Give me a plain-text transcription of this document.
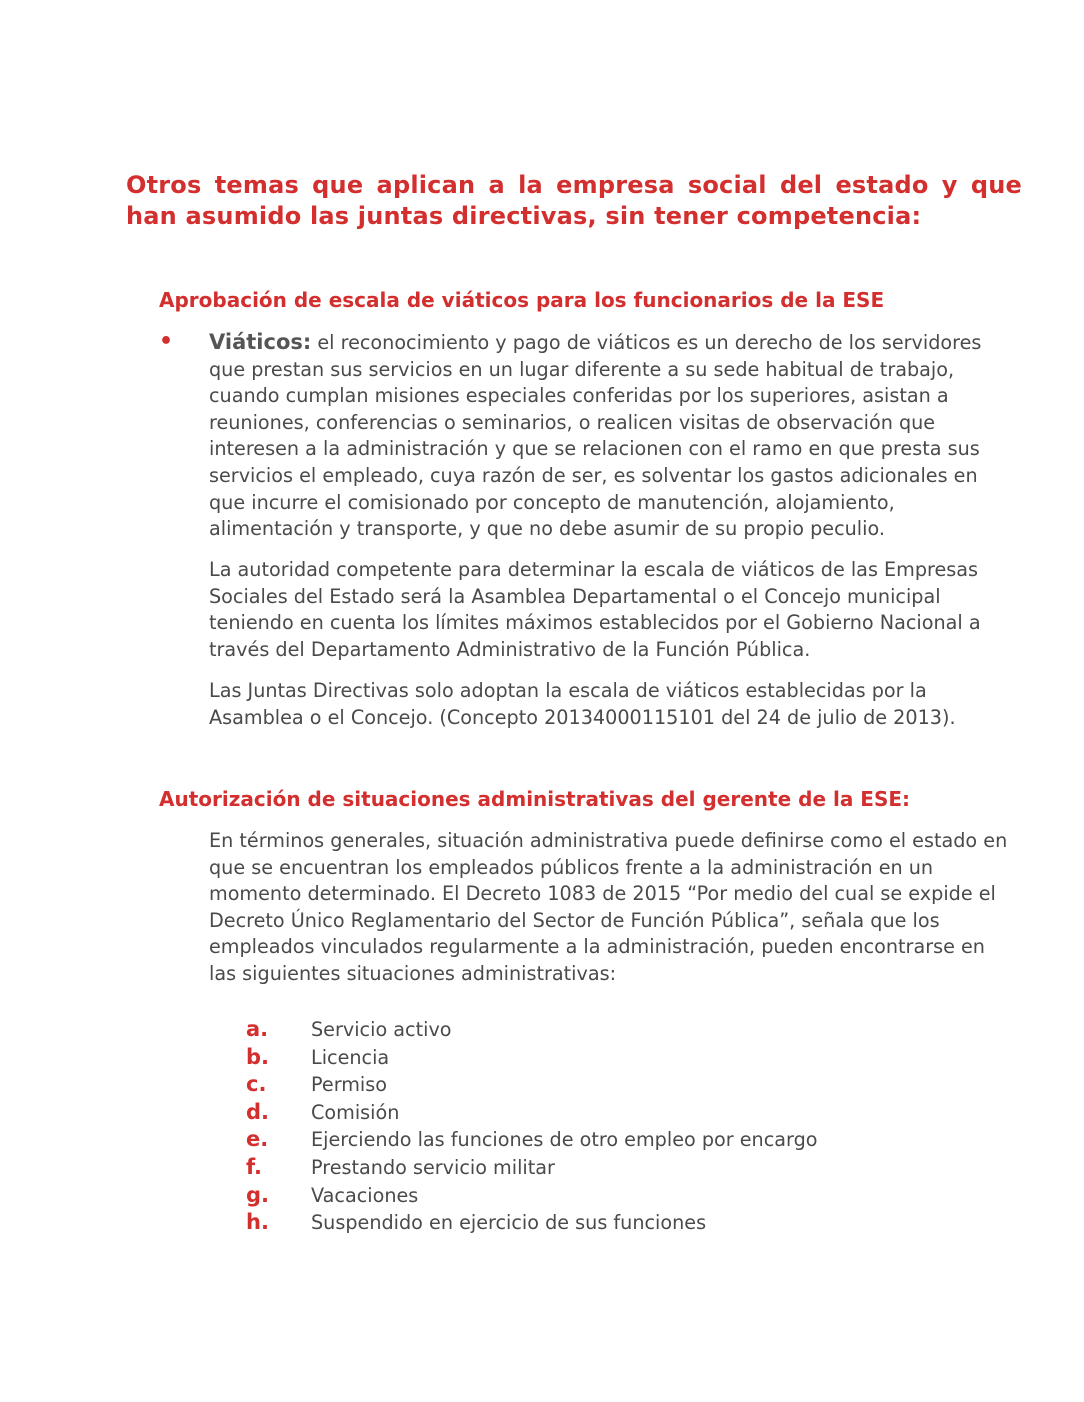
Otros temas que aplican a la empresa social del estado y que han asumido las juntas directivas, sin tener competencia:
Aprobación de escala de viáticos para los funcionarios de la ESE
• Viáticos: el reconocimiento y pago de viáticos es un derecho de los servidores que prestan sus servicios en un lugar diferente a su sede habitual de trabajo, cuando cumplan misiones especiales conferidas por los superiores, asistan a reuniones, conferencias o seminarios, o realicen visitas de observación que interesen a la administración y que se relacionen con el ramo en que presta sus servicios el empleado, cuya razón de ser, es solventar los gastos adicionales en que incurre el comisionado por concepto de manutención, alojamiento, alimentación y transporte, y que no debe asumir de su propio peculio.

La autoridad competente para determinar la escala de viáticos de las Empresas Sociales del Estado será la Asamblea Departamental o el Concejo municipal teniendo en cuenta los límites máximos establecidos por el Gobierno Nacional a través del Departamento Administrativo de la Función Pública.

Las Juntas Directivas solo adoptan la escala de viáticos establecidas por la Asamblea o el Concejo. (Concepto 20134000115101 del 24 de julio de 2013).

Autorización de situaciones administrativas del gerente de la ESE:

En términos generales, situación administrativa puede definirse como el estado en que se encuentran los empleados públicos frente a la administración en un momento determinado. El Decreto 1083 de 2015 “Por medio del cual se expide el Decreto Único Reglamentario del Sector de Función Pública”, señala que los empleados vinculados regularmente a la administración, pueden encontrarse en las siguientes situaciones administrativas:

a. Servicio activo
b. Licencia
c. Permiso
d. Comisión
e. Ejerciendo las funciones de otro empleo por encargo
f.	Prestando servicio militar
g. Vacaciones
h. Suspendido en ejercicio de sus funciones
